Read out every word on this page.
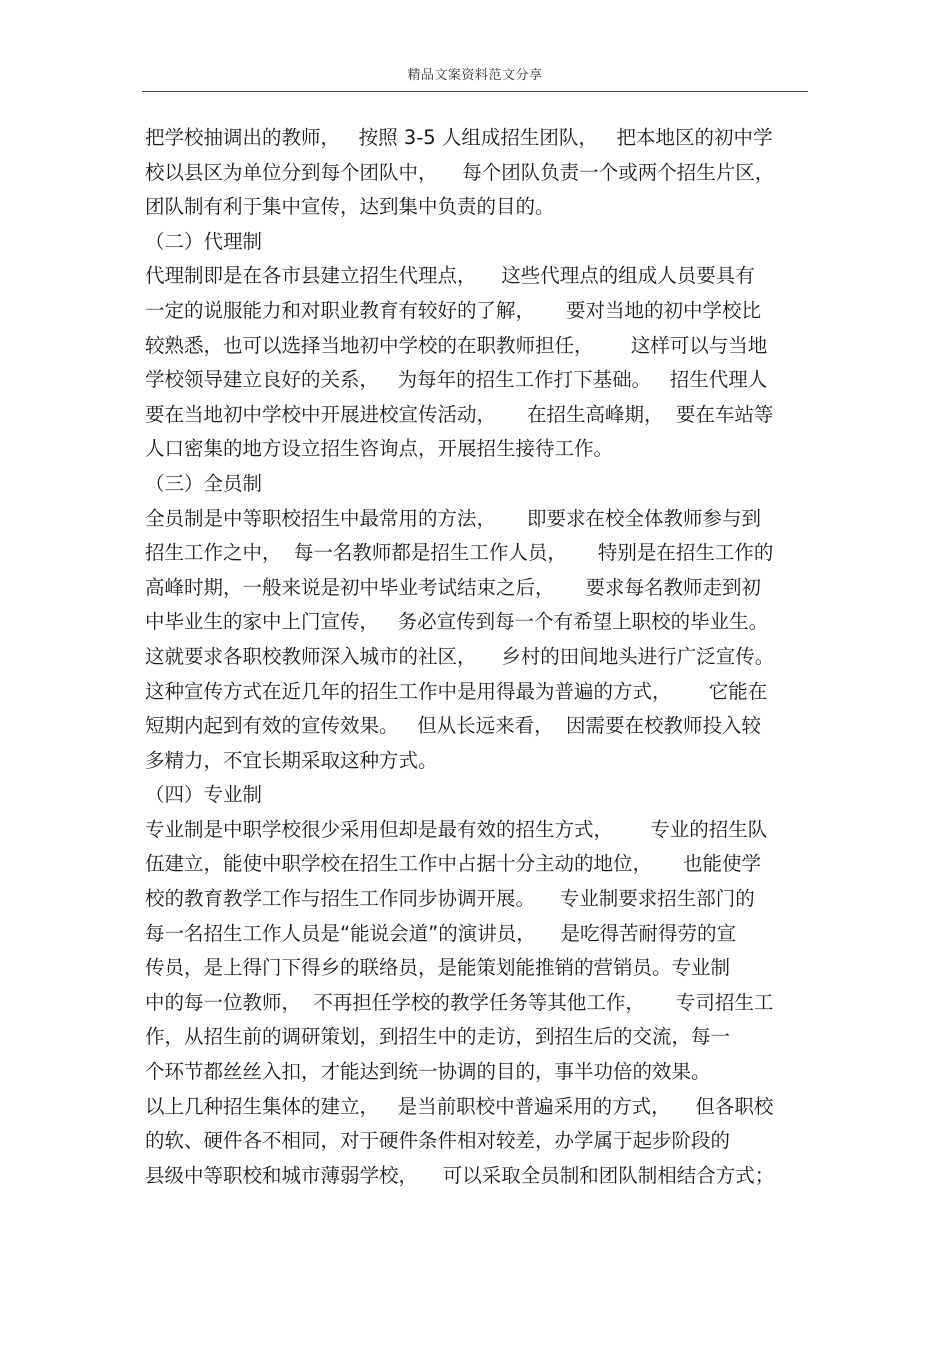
精品文案资料范文分享
把学校抽调出的教师，   按照 3-5 人组成招生团队，   把本地区的初中学
校以县区为单位分到每个团队中，    每个团队负责一个或两个招生片区，
团队制有利于集中宣传，达到集中负责的目的。
（二）代理制
代理制即是在各市县建立招生代理点，    这些代理点的组成人员要具有
一定的说服能力和对职业教育有较好的了解，     要对当地的初中学校比
较熟悉，也可以选择当地初中学校的在职教师担任，      这样可以与当地
学校领导建立良好的关系，   为每年的招生工作打下基础。   招生代理人
要在当地初中学校中开展进校宣传活动，     在招生高峰期，  要在车站等
人口密集的地方设立招生咨询点，开展招生接待工作。
（三）全员制
全员制是中等职校招生中最常用的方法，     即要求在校全体教师参与到
招生工作之中，  每一名教师都是招生工作人员，     特别是在招生工作的
高峰时期，一般来说是初中毕业考试结束之后，     要求每名教师走到初
中毕业生的家中上门宣传，   务必宣传到每一个有希望上职校的毕业生。
这就要求各职校教师深入城市的社区，    乡村的田间地头进行广泛宣传。
这种宣传方式在近几年的招生工作中是用得最为普遍的方式，      它能在
短期内起到有效的宣传效果。   但从长远来看，  因需要在校教师投入较
多精力，不宜长期采取这种方式。
（四）专业制
专业制是中职学校很少采用但却是最有效的招生方式，      专业的招生队
伍建立，能使中职学校在招生工作中占据十分主动的地位，     也能使学
校的教育教学工作与招生工作同步协调开展。    专业制要求招生部门的
每一名招生工作人员是“能说会道”的演讲员，    是吃得苦耐得劳的宣
传员，是上得门下得乡的联络员，是能策划能推销的营销员。专业制
中的每一位教师，  不再担任学校的教学任务等其他工作，     专司招生工
作，从招生前的调研策划，到招生中的走访，到招生后的交流，每一
个环节都丝丝入扣，才能达到统一协调的目的，事半功倍的效果。
以上几种招生集体的建立，   是当前职校中普遍采用的方式，    但各职校
的软、硬件各不相同，对于硬件条件相对较差，办学属于起步阶段的
县级中等职校和城市薄弱学校，    可以采取全员制和团队制相结合方式；
